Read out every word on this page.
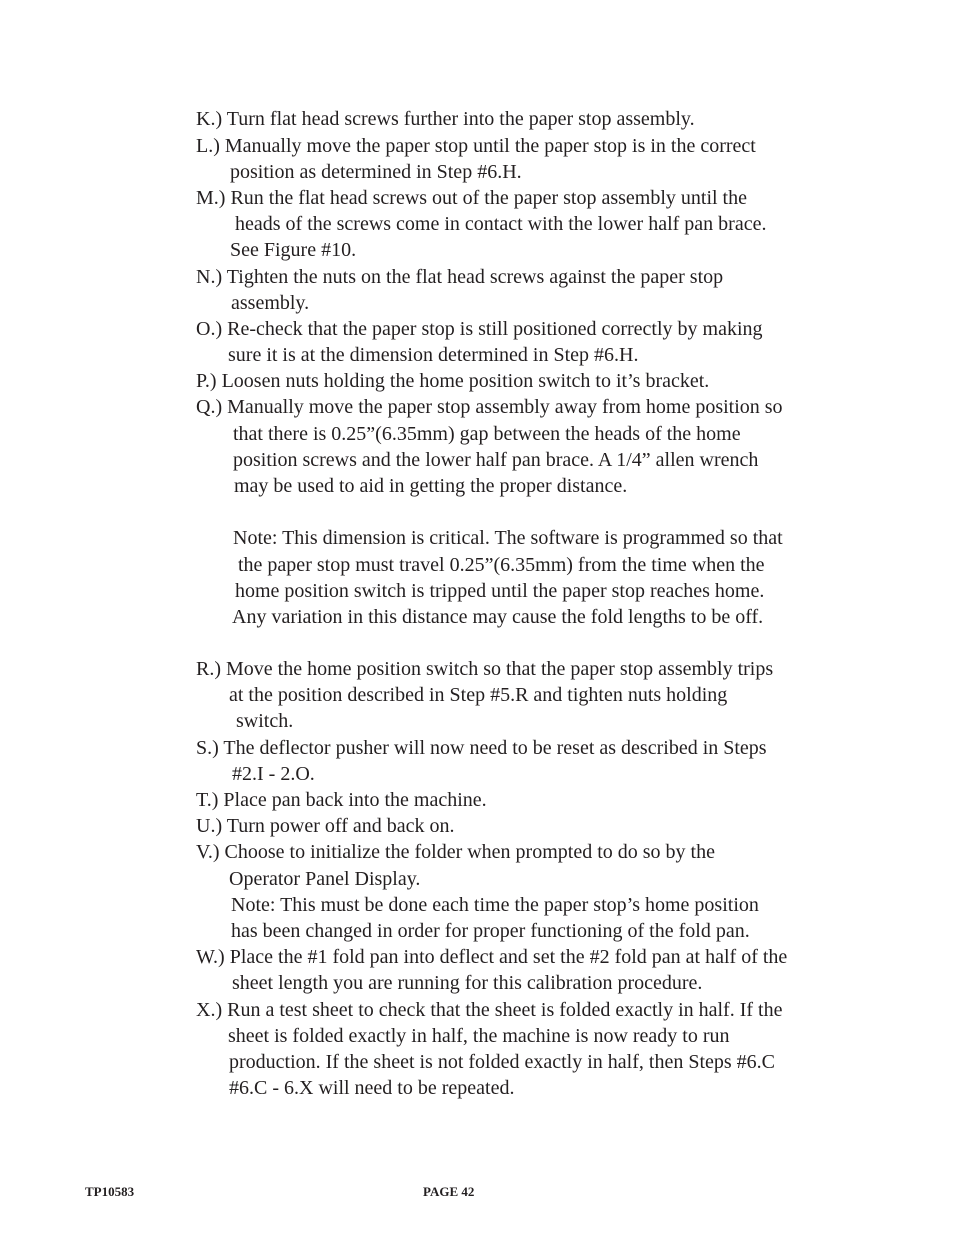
K.) Turn flat head screws further into the paper stop assembly.
L.) Manually move the paper stop until the paper stop is in the correct
position as determined in Step #6.H.
M.) Run the flat head screws out of the paper stop assembly until the
heads of the screws come in contact with the lower half pan brace.
See Figure #10.
N.) Tighten the nuts on the flat head screws against the paper stop
assembly.
O.) Re-check that the paper stop is still positioned correctly by making
sure it is at the dimension determined in Step #6.H.
P.) Loosen nuts holding the home position switch to it’s bracket.
Q.) Manually move the paper stop assembly away from home position so
that there is 0.25”(6.35mm) gap between the heads of the home
position screws and the lower half pan brace. A 1/4” allen wrench
may be used to aid in getting the proper distance.
Note: This dimension is critical. The software is programmed so that
the paper stop must travel 0.25”(6.35mm) from the time when the
home position switch is tripped until the paper stop reaches home.
Any variation in this distance may cause the fold lengths to be off.
R.) Move the home position switch so that the paper stop assembly trips
at the position described in Step #5.R and tighten nuts holding
switch.
S.) The deflector pusher will now need to be reset as described in Steps
#2.I - 2.O.
T.) Place pan back into the machine.
U.) Turn power off and back on.
V.) Choose to initialize the folder when prompted to do so by the
Operator Panel Display.
Note: This must be done each time the paper stop’s home position
has been changed in order for proper functioning of the fold pan.
W.) Place the #1 fold pan into deflect and set the #2 fold pan at half of the
sheet length you are running for this calibration procedure.
X.) Run a test sheet to check that the sheet is folded exactly in half. If the
sheet is folded exactly in half, the machine is now ready to run
production. If the sheet is not folded exactly in half, then Steps #6.C
#6.C - 6.X will need to be repeated.
TP10583	PAGE 42
